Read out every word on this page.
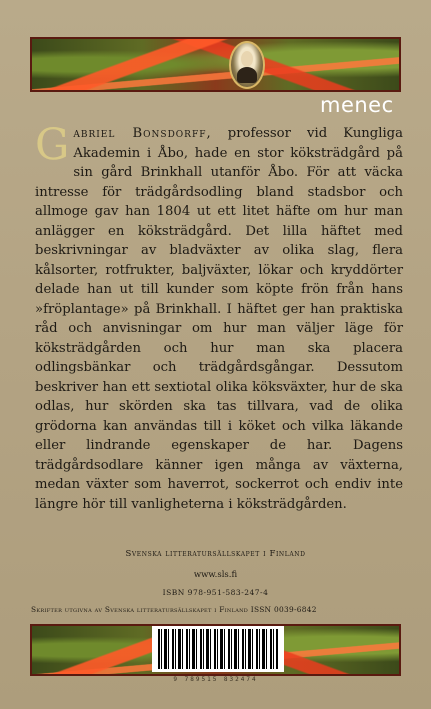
menec
Gabriel Bonsdorff, professor vid Kungliga Akademin i Åbo, hade en stor köksträdgård på sin gård Brinkhall utanför Åbo. För att väcka intresse för trädgårdsodling bland stadsbor och allmoge gav han 1804 ut ett litet häfte om hur man anlägger en köksträdgård. Det lilla häftet med beskrivningar av bladväxter av olika slag, flera kålsorter, rotfrukter, baljväxter, lökar och kryddörter delade han ut till kunder som köpte frön från hans »fröplantage» på Brinkhall. I häftet ger han praktiska råd och anvisningar om hur man väljer läge för köksträdgården och hur man ska placera odlingsbänkar och trädgårdsgångar. Dessutom beskriver han ett sextiotal olika köksväxter, hur de ska odlas, hur skörden ska tas tillvara, vad de olika grödorna kan användas till i köket och vilka läkande eller lindrande egenskaper de har. Dagens trädgårdsodlare känner igen många av växterna, medan växter som haverrot, sockerrot och endiv inte längre hör till vanligheterna i köksträdgården.
Svenska litteratursällskapet i Finland
www.sls.fi
ISBN 978-951-583-247-4
Skrifter utgivna av Svenska litteratursällskapet i Finland ISSN 0039-6842
9 789515 832474
